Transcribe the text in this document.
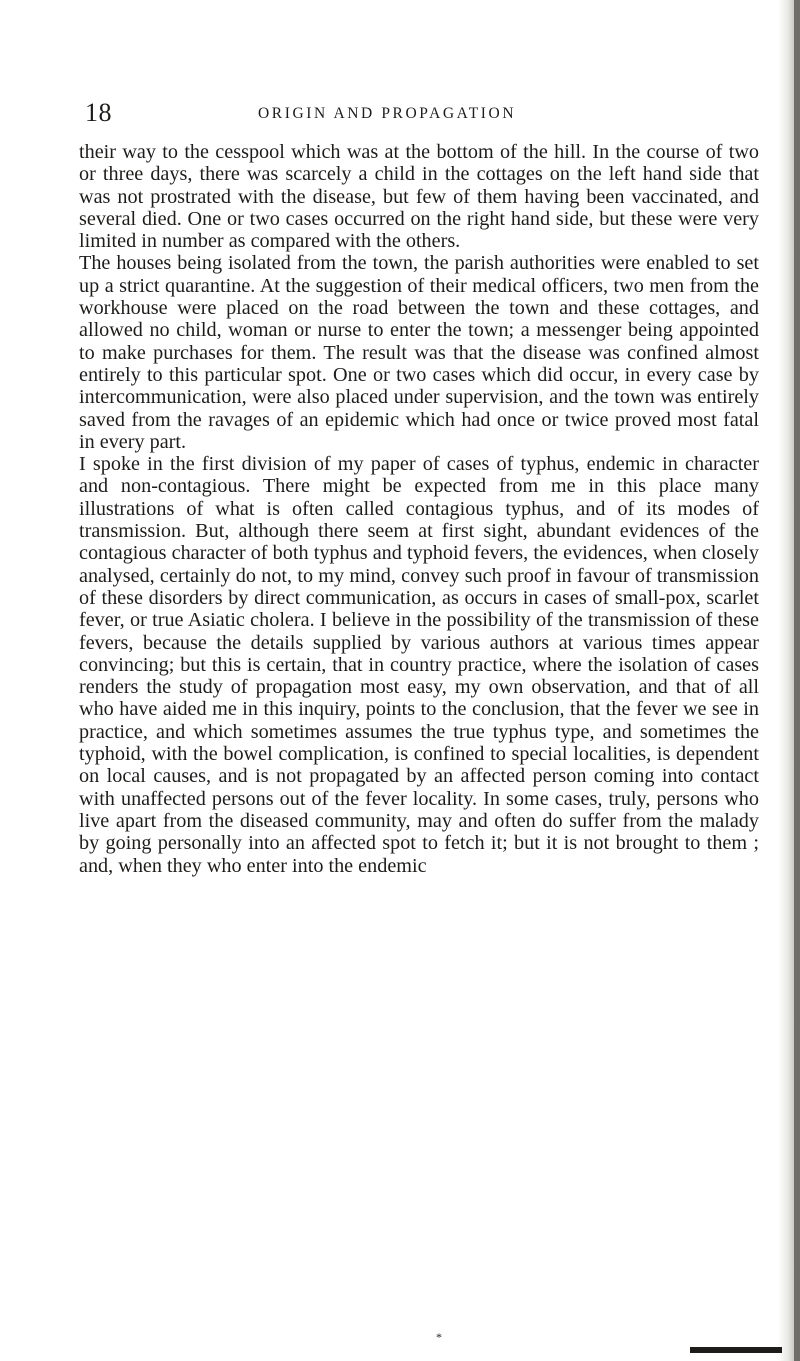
18	ORIGIN AND PROPAGATION

their way to the cesspool which was at the bottom of the hill. In the course of two or three days, there was scarcely a child in the cottages on the left hand side that was not prostrated with the disease, but few of them having been vaccinated, and several died. One or two cases occurred on the right hand side, but these were very limited in number as compared with the others.

The houses being isolated from the town, the parish authorities were enabled to set up a strict quarantine. At the suggestion of their medical officers, two men from the workhouse were placed on the road between the town and these cottages, and allowed no child, woman or nurse to enter the town; a messenger being appointed to make purchases for them. The result was that the disease was confined almost entirely to this particular spot. One or two cases which did occur, in every case by intercommunication, were also placed under supervision, and the town was entirely saved from the ravages of an epidemic which had once or twice proved most fatal in every part.

I spoke in the first division of my paper of cases of typhus, endemic in character and non-contagious. There might be expected from me in this place many illustrations of what is often called contagious typhus, and of its modes of transmission. But, although there seem at first sight, abundant evidences of the contagious character of both typhus and typhoid fevers, the evidences, when closely analysed, certainly do not, to my mind, convey such proof in favour of transmission of these disorders by direct communication, as occurs in cases of small-pox, scarlet fever, or true Asiatic cholera. I believe in the possibility of the transmission of these fevers, because the details supplied by various authors at various times appear convincing; but this is certain, that in country practice, where the isolation of cases renders the study of propagation most easy, my own observation, and that of all who have aided me in this inquiry, points to the conclusion, that the fever we see in practice, and which sometimes assumes the true typhus type, and sometimes the typhoid, with the bowel complication, is confined to special localities, is dependent on local causes, and is not propagated by an affected person coming into contact with unaffected persons out of the fever locality. In some cases, truly, persons who live apart from the diseased community, may and often do suffer from the malady by going personally into an affected spot to fetch it; but it is not brought to them ; and, when they who enter into the endemic

*
